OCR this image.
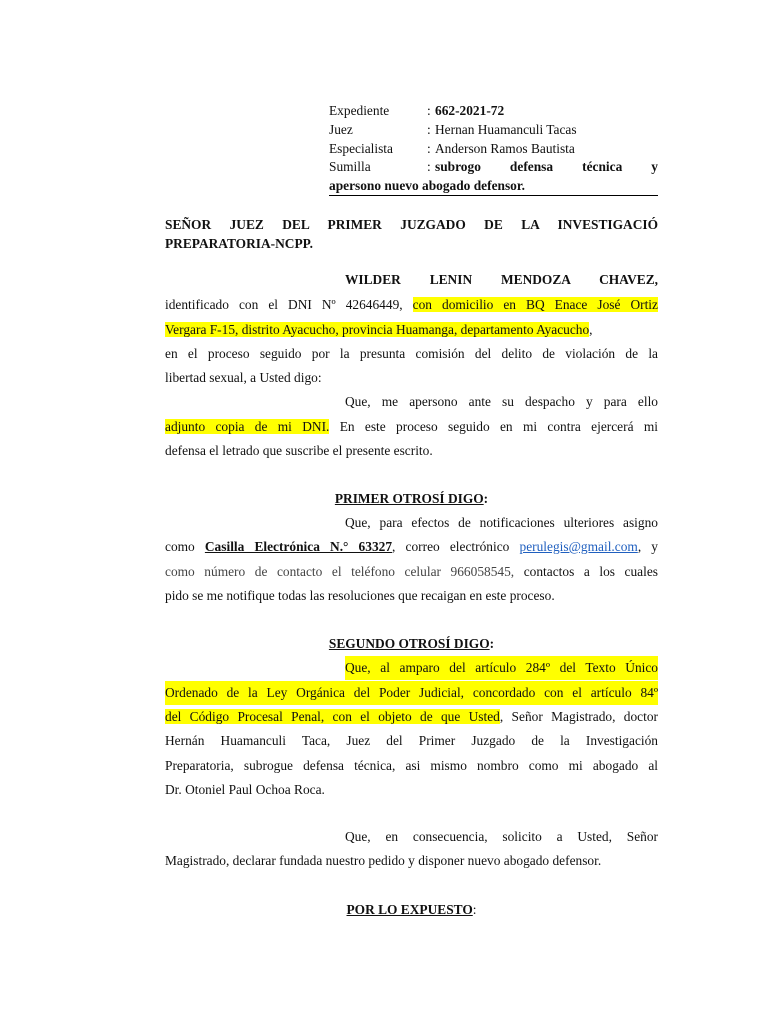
Expediente	: 662-2021-72
Juez	: Hernan Huamanculi Tacas
Especialista	: Anderson Ramos Bautista
Sumilla	: subrogo defensa técnica y
apersono nuevo abogado defensor.
SEÑOR JUEZ DEL PRIMER JUZGADO DE LA INVESTIGACIÓ
PREPARATORIA-NCPP.
WILDER LENIN MENDOZA CHAVEZ,
identificado con el DNI Nº 42646449, con domicilio en BQ Enace José Ortiz
Vergara F-15, distrito Ayacucho, provincia Huamanga, departamento Ayacucho,
en el proceso seguido por la presunta comisión del delito de violación de la
libertad sexual, a Usted digo:
Que, me apersono ante su despacho y para ello
adjunto copia de mi DNI. En este proceso seguido en mi contra ejercerá mi
defensa el letrado que suscribe el presente escrito.
PRIMER OTROSÍ DIGO:
Que, para efectos de notificaciones ulteriores asigno
como Casilla Electrónica N.° 63327, correo electrónico perulegis@gmail.com, y
como número de contacto el teléfono celular 966058545, contactos a los cuales
pido se me notifique todas las resoluciones que recaigan en este proceso.
SEGUNDO OTROSÍ DIGO:
Que, al amparo del artículo 284º del Texto Único
Ordenado de la Ley Orgánica del Poder Judicial, concordado con el artículo 84º
del Código Procesal Penal, con el objeto de que Usted, Señor Magistrado, doctor
Hernán Huamanculi Taca, Juez del Primer Juzgado de la Investigación
Preparatoria, subrogue defensa técnica, asi mismo nombro como mi abogado al
Dr. Otoniel Paul Ochoa Roca.
Que, en consecuencia, solicito a Usted, Señor
Magistrado, declarar fundada nuestro pedido y disponer nuevo abogado defensor.
POR LO EXPUESTO:
